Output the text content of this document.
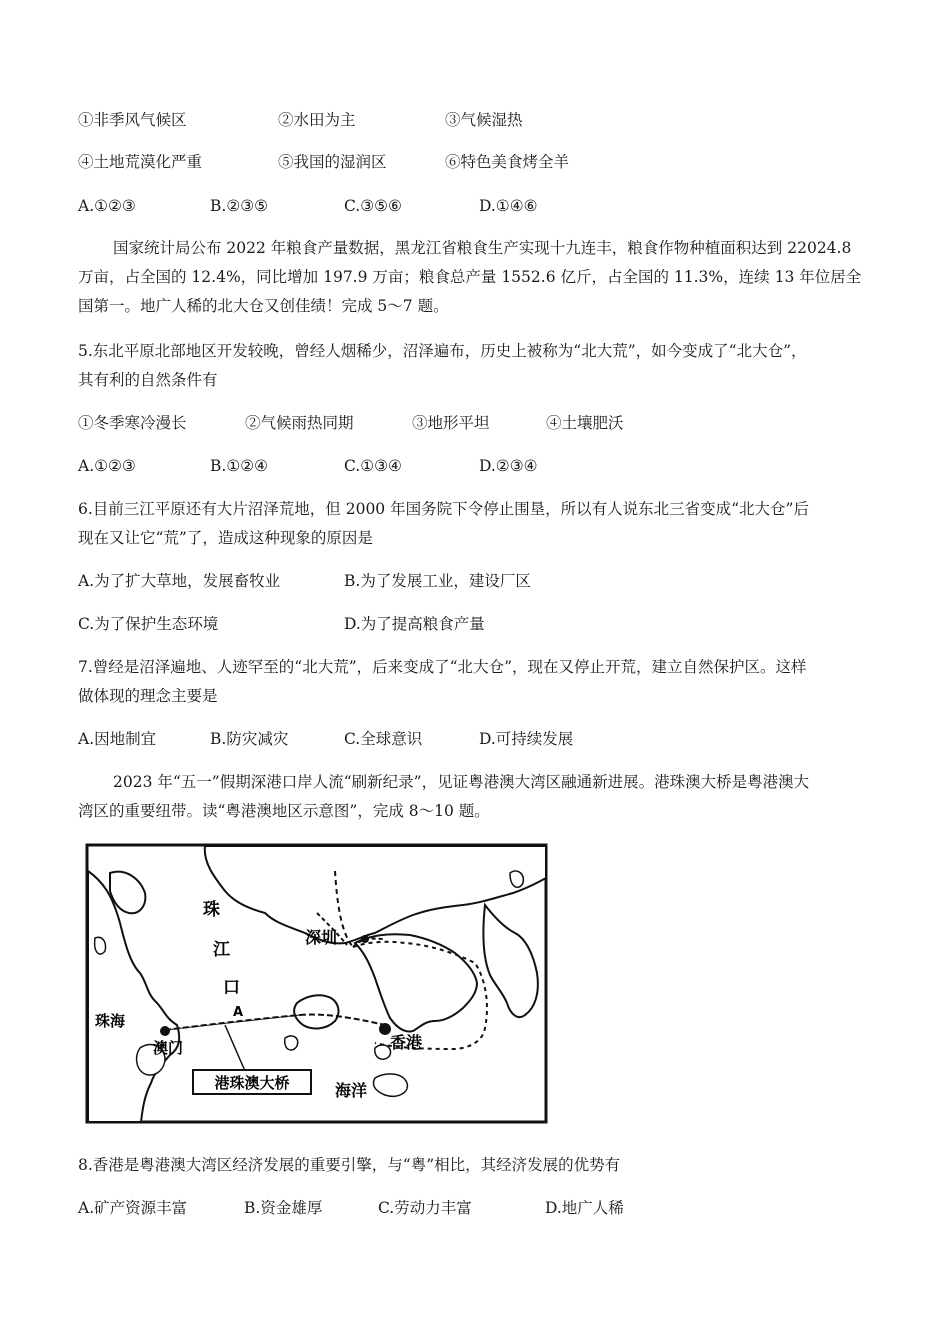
①非季风气候区	②水田为主	③气候湿热
④土地荒漠化严重	⑤我国的湿润区	⑥特色美食烤全羊
A.①②③	B.②③⑤	C.③⑤⑥	D.①④⑥
国家统计局公布 2022 年粮食产量数据，黑龙江省粮食生产实现十九连丰，粮食作物种植面积达到 22024.8
万亩，占全国的 12.4%，同比增加 197.9 万亩；粮食总产量 1552.6 亿斤，占全国的 11.3%，连续 13 年位居全
国第一。地广人稀的北大仓又创佳绩！完成 5～7 题。
5.东北平原北部地区开发较晚，曾经人烟稀少，沼泽遍布，历史上被称为“北大荒”，如今变成了“北大仓”，
其有利的自然条件有
①冬季寒冷漫长	②气候雨热同期	③地形平坦	④土壤肥沃
A.①②③	B.①②④	C.①③④	D.②③④
6.目前三江平原还有大片沼泽荒地，但 2000 年国务院下令停止围垦，所以有人说东北三省变成“北大仓”后
现在又让它“荒”了，造成这种现象的原因是
A.为了扩大草地，发展畜牧业	B.为了发展工业，建设厂区
C.为了保护生态环境	D.为了提高粮食产量
7.曾经是沼泽遍地、人迹罕至的“北大荒”，后来变成了“北大仓”，现在又停止开荒，建立自然保护区。这样
做体现的理念主要是
A.因地制宜	B.防灾减灾	C.全球意识	D.可持续发展
2023 年“五一”假期深港口岸人流“刷新纪录”，见证粤港澳大湾区融通新进展。港珠澳大桥是粤港澳大
湾区的重要纽带。读“粤港澳地区示意图”，完成 8～10 题。
港珠澳大桥
珠
江
口
A
深圳
珠海
澳门	香港
海洋
8.香港是粤港澳大湾区经济发展的重要引擎，与“粤”相比，其经济发展的优势有
A.矿产资源丰富	B.资金雄厚	C.劳动力丰富	D.地广人稀
